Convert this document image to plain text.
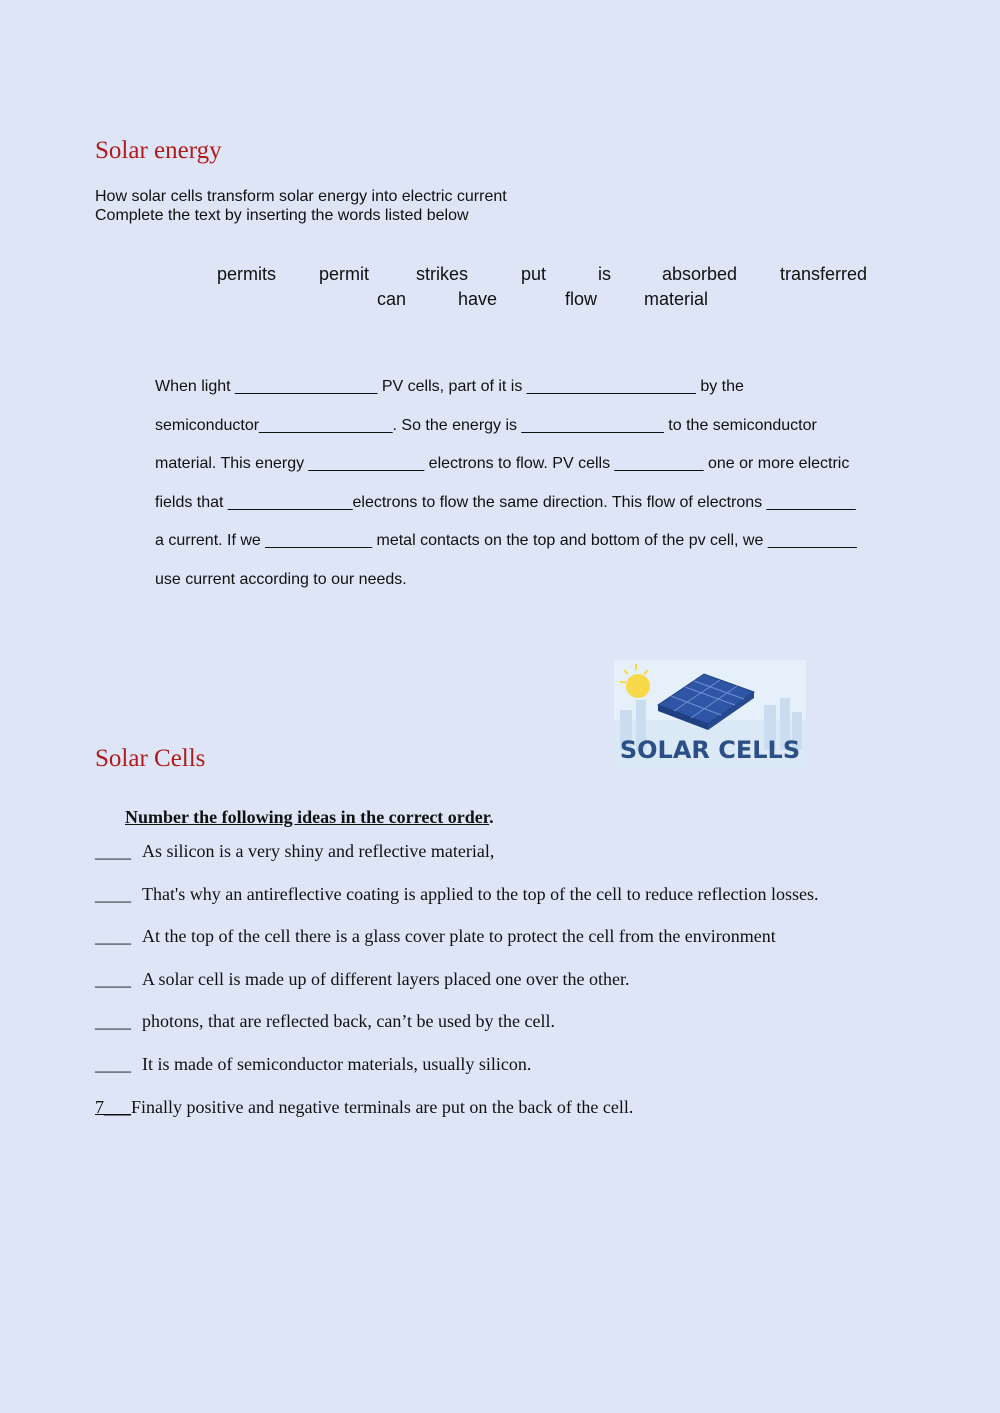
Solar energy
How solar cells transform solar energy into electric current
Complete the text by inserting the words listed below
permits permit	strikes	put	is	absorbed transferred
can	have	flow	material
When light ________________ PV cells, part of it is ___________________ by the
semiconductor_______________. So the energy is ________________ to the semiconductor
material. This energy _____________ electrons to flow. PV cells __________ one or more electric
fields that ______________electrons to flow the same direction. This flow of electrons __________
a current. If we ____________ metal contacts on the top and bottom of the pv cell, we __________
use current according to our needs.
SOLAR CELLS
Solar Cells
Number the following ideas in the correct order.
____ As silicon is a very shiny and reflective material,
____ That's why an antireflective coating is applied to the top of the cell to reduce reflection losses.
____ At the top of the cell there is a glass cover plate to protect the cell from the environment
____ A solar cell is made up of different layers placed one over the other.
____ photons, that are reflected back, can’t be used by the cell.
____ It is made of semiconductor materials, usually silicon.
7___Finally positive and negative terminals are put on the back of the cell.
